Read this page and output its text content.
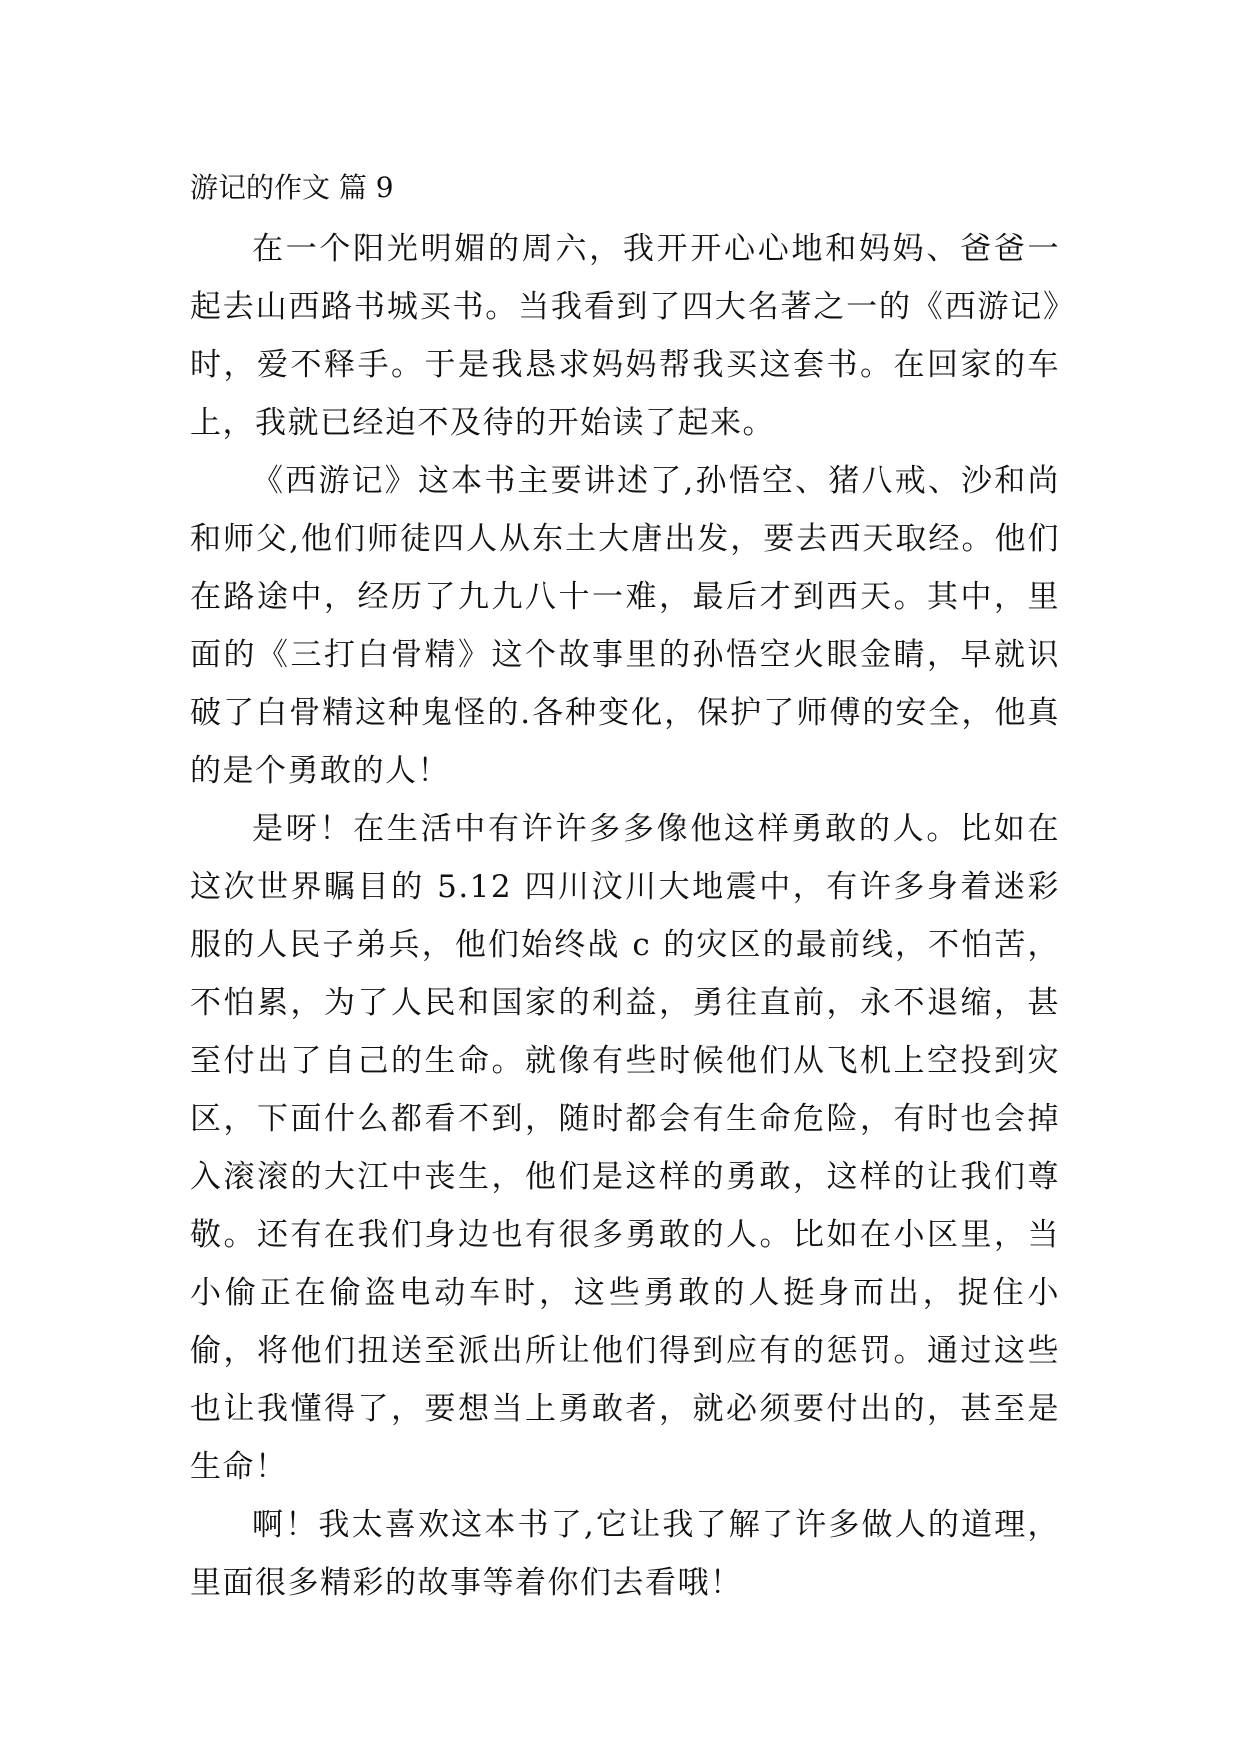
游记的作文 篇 9

在一个阳光明媚的周六，我开开心心地和妈妈、爸爸一起去山西路书城买书。当我看到了四大名著之一的《西游记》时，爱不释手。于是我恳求妈妈帮我买这套书。在回家的车上，我就已经迫不及待的开始读了起来。

《西游记》这本书主要讲述了,孙悟空、猪八戒、沙和尚和师父,他们师徒四人从东土大唐出发，要去西天取经。他们在路途中，经历了九九八十一难，最后才到西天。其中，里面的《三打白骨精》这个故事里的孙悟空火眼金睛，早就识破了白骨精这种鬼怪的.各种变化，保护了师傅的安全，他真的是个勇敢的人！

是呀！在生活中有许许多多像他这样勇敢的人。比如在这次世界瞩目的 5.12 四川汶川大地震中，有许多身着迷彩服的人民子弟兵，他们始终战 c 的灾区的最前线，不怕苦，不怕累，为了人民和国家的利益，勇往直前，永不退缩，甚至付出了自己的生命。就像有些时候他们从飞机上空投到灾区，下面什么都看不到，随时都会有生命危险，有时也会掉入滚滚的大江中丧生，他们是这样的勇敢，这样的让我们尊敬。还有在我们身边也有很多勇敢的人。比如在小区里，当小偷正在偷盗电动车时，这些勇敢的人挺身而出，捉住小偷，将他们扭送至派出所让他们得到应有的惩罚。通过这些也让我懂得了，要想当上勇敢者，就必须要付出的，甚至是生命！

啊！我太喜欢这本书了,它让我了解了许多做人的道理，里面很多精彩的故事等着你们去看哦！
